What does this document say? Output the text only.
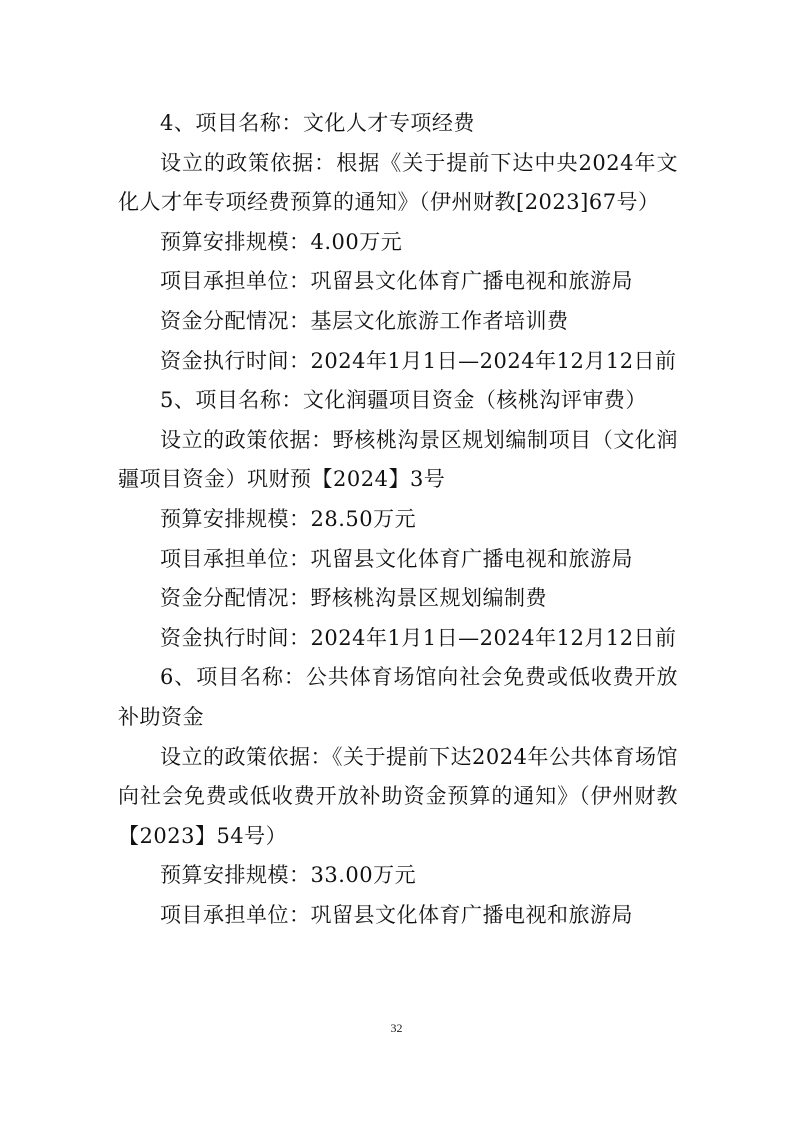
4、项目名称：文化人才专项经费

设立的政策依据：根据《关于提前下达中央2024年文化人才年专项经费预算的通知》（伊州财教[2023]67号）

预算安排规模：4.00万元

项目承担单位：巩留县文化体育广播电视和旅游局

资金分配情况：基层文化旅游工作者培训费

资金执行时间：2024年1月1日—2024年12月12日前

5、项目名称：文化润疆项目资金（核桃沟评审费）

设立的政策依据：野核桃沟景区规划编制项目（文化润疆项目资金）巩财预【2024】3号

预算安排规模：28.50万元

项目承担单位：巩留县文化体育广播电视和旅游局

资金分配情况：野核桃沟景区规划编制费

资金执行时间：2024年1月1日—2024年12月12日前

6、项目名称：公共体育场馆向社会免费或低收费开放补助资金

设立的政策依据：《关于提前下达2024年公共体育场馆向社会免费或低收费开放补助资金预算的通知》（伊州财教【2023】54号）

预算安排规模：33.00万元

项目承担单位：巩留县文化体育广播电视和旅游局

32
